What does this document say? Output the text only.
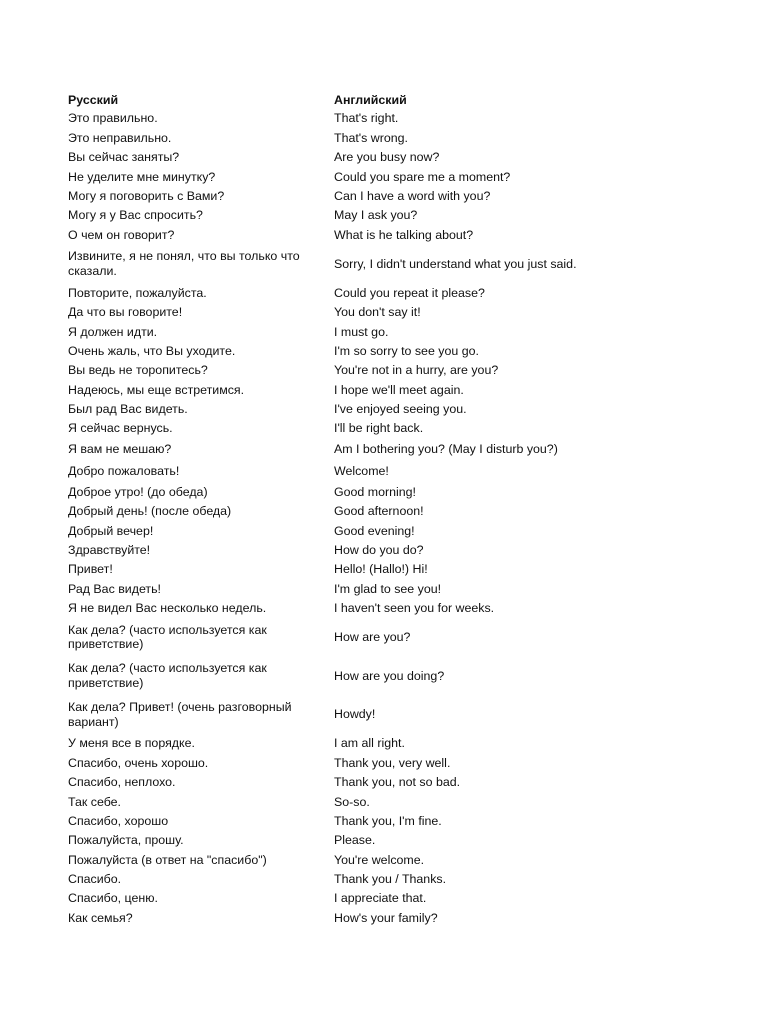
Русский	Английский
Это правильно.	That's right.
Это неправильно.	That's wrong.
Вы сейчас заняты?	Are you busy now?
Не уделите мне минутку?	Could you spare me a moment?
Могу я поговорить с Вами?	Can I have a word with you?
Могу я у Вас спросить?	May I ask you?
О чем он говорит?	What is he talking about?
Извините, я не понял, что вы только что сказали.	Sorry, I didn't understand what you just said.
Повторите, пожалуйста.	Could you repeat it please?
Да что вы говорите!	You don't say it!
Я должен идти.	I must go.
Очень жаль, что Вы уходите.	I'm so sorry to see you go.
Вы ведь не торопитесь?	You're not in a hurry, are you?
Надеюсь, мы еще встретимся.	I hope we'll meet again.
Был рад Вас видеть.	I've enjoyed seeing you.
Я сейчас вернусь.	I'll be right back.
Я вам не мешаю?	Am I bothering you? (May I disturb you?)
Добро пожаловать!	Welcome!
Доброе утро! (до обеда)	Good morning!
Добрый день! (после обеда)	Good afternoon!
Добрый вечер!	Good evening!
Здравствуйте!	How do you do?
Привет!	Hello! (Hallo!) Hi!
Рад Вас видеть!	I'm glad to see you!
Я не видел Вас несколько недель.	I haven't seen you for weeks.
Как дела? (часто используется как приветствие)	How are you?
Как дела? (часто используется как приветствие)	How are you doing?
Как дела? Привет! (очень разговорный вариант)	Howdy!
У меня все в порядке.	I am all right.
Спасибо, очень хорошо.	Thank you, very well.
Спасибо, неплохо.	Thank you, not so bad.
Так себе.	So-so.
Спасибо, хорошо	Thank you, I'm fine.
Пожалуйста, прошу.	Please.
Пожалуйста (в ответ на "спасибо")	You're welcome.
Спасибо.	Thank you / Thanks.
Спасибо, ценю.	I appreciate that.
Как семья?	How's your family?
